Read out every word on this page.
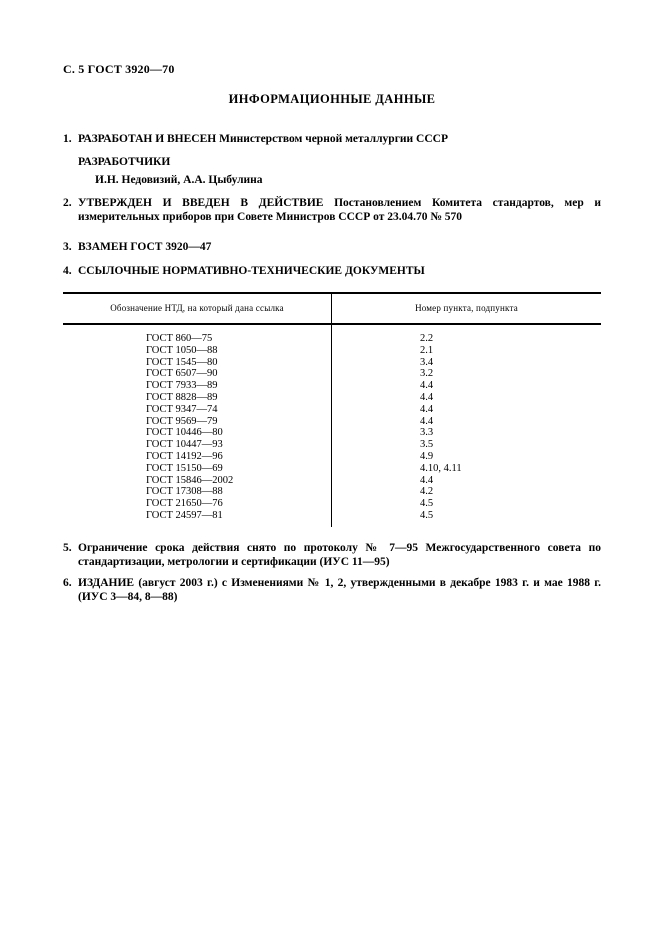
С. 5 ГОСТ 3920—70
ИНФОРМАЦИОННЫЕ ДАННЫЕ
1. РАЗРАБОТАН И ВНЕСЕН Министерством черной металлургии СССР
РАЗРАБОТЧИКИ
И.Н. Недовизий, А.А. Цыбулина
2. УТВЕРЖДЕН И ВВЕДЕН В ДЕЙСТВИЕ Постановлением Комитета стандартов, мер и измерительных приборов при Совете Министров СССР от 23.04.70 № 570
3. ВЗАМЕН ГОСТ 3920—47
4. ССЫЛОЧНЫЕ НОРМАТИВНО-ТЕХНИЧЕСКИЕ ДОКУМЕНТЫ
Обозначение НТД, на который дана ссылка	Номер пункта, подпункта
ГОСТ 860—75
ГОСТ 1050—88
ГОСТ 1545—80
ГОСТ 6507—90
ГОСТ 7933—89
ГОСТ 8828—89
ГОСТ 9347—74
ГОСТ 9569—79
ГОСТ 10446—80
ГОСТ 10447—93
ГОСТ 14192—96
ГОСТ 15150—69
ГОСТ 15846—2002
ГОСТ 17308—88
ГОСТ 21650—76
ГОСТ 24597—81
2.2
2.1
3.4
3.2
4.4
4.4
4.4
4.4
3.3
3.5
4.9
4.10, 4.11
4.4
4.2
4.5
4.5
5. Ограничение срока действия снято по протоколу № 7—95 Межгосударственного совета по стандартизации, метрологии и сертификации (ИУС 11—95)
6. ИЗДАНИЕ (август 2003 г.) с Изменениями № 1, 2, утвержденными в декабре 1983 г. и мае 1988 г. (ИУС 3—84, 8—88)
